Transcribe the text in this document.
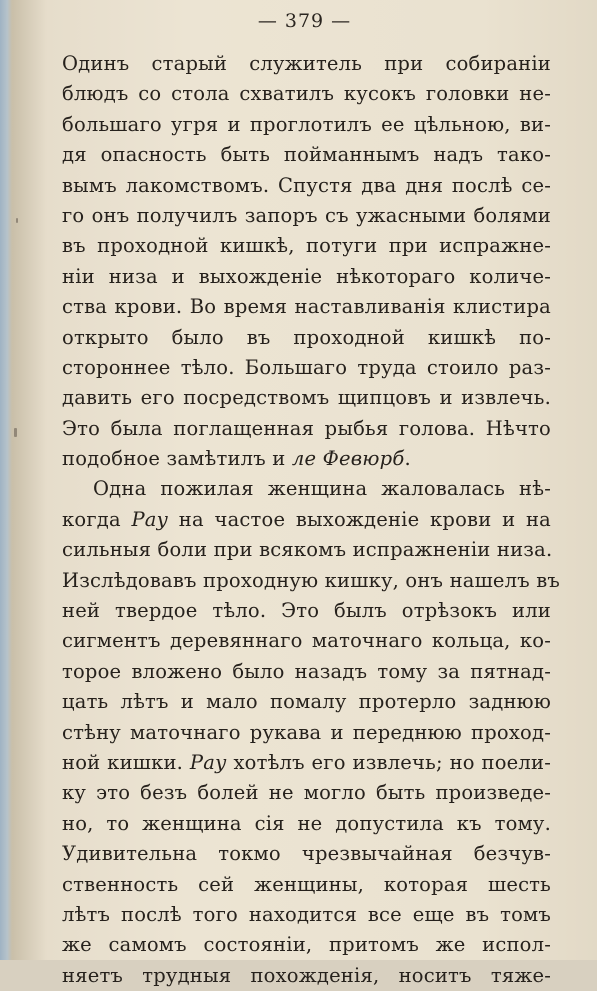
— 379 —
Одинъ старый служитель при собираніи
блюдъ со стола схватилъ кусокъ головки не-
большаго угря и проглотилъ ее цѣльною, ви-
дя опасность быть пойманнымъ надъ тако-
вымъ лакомствомъ. Спустя два дня послѣ се-
го онъ получилъ запоръ съ ужасными болями
въ проходной кишкѣ, потуги при испражне-
ніи низа и выхожденіе нѣкотораго количе-
ства крови. Во время наставливанія клистира
открыто было въ проходной кишкѣ по-
стороннее тѣло. Большаго труда стоило раз-
давить его посредствомъ щипцовъ и извлечь.
Это была поглащенная рыбья голова. Нѣчто
подобное замѣтилъ и ле Февюрб.
Одна пожилая женщина жаловалась нѣ-
когда Рау на частое выхожденіе крови и на
сильныя боли при всякомъ испражненіи низа.
Изслѣдовавъ проходную кишку, онъ нашелъ въ
ней твердое тѣло. Это былъ отрѣзокъ или
сигментъ деревяннаго маточнаго кольца, ко-
торое вложено было назадъ тому за пятнад-
цать лѣтъ и мало помалу протерло заднюю
стѣну маточнаго рукава и переднюю проход-
ной кишки. Рау хотѣлъ его извлечь; но поели-
ку это безъ болей не могло быть произведе-
но, то женщина сія не допустила къ тому.
Удивительна токмо чрезвычайная безчув-
ственность сей женщины, которая шесть
лѣтъ послѣ того находится все еще въ томъ
же самомъ состояніи, притомъ же испол-
няетъ трудныя похожденія, носитъ тяже-
